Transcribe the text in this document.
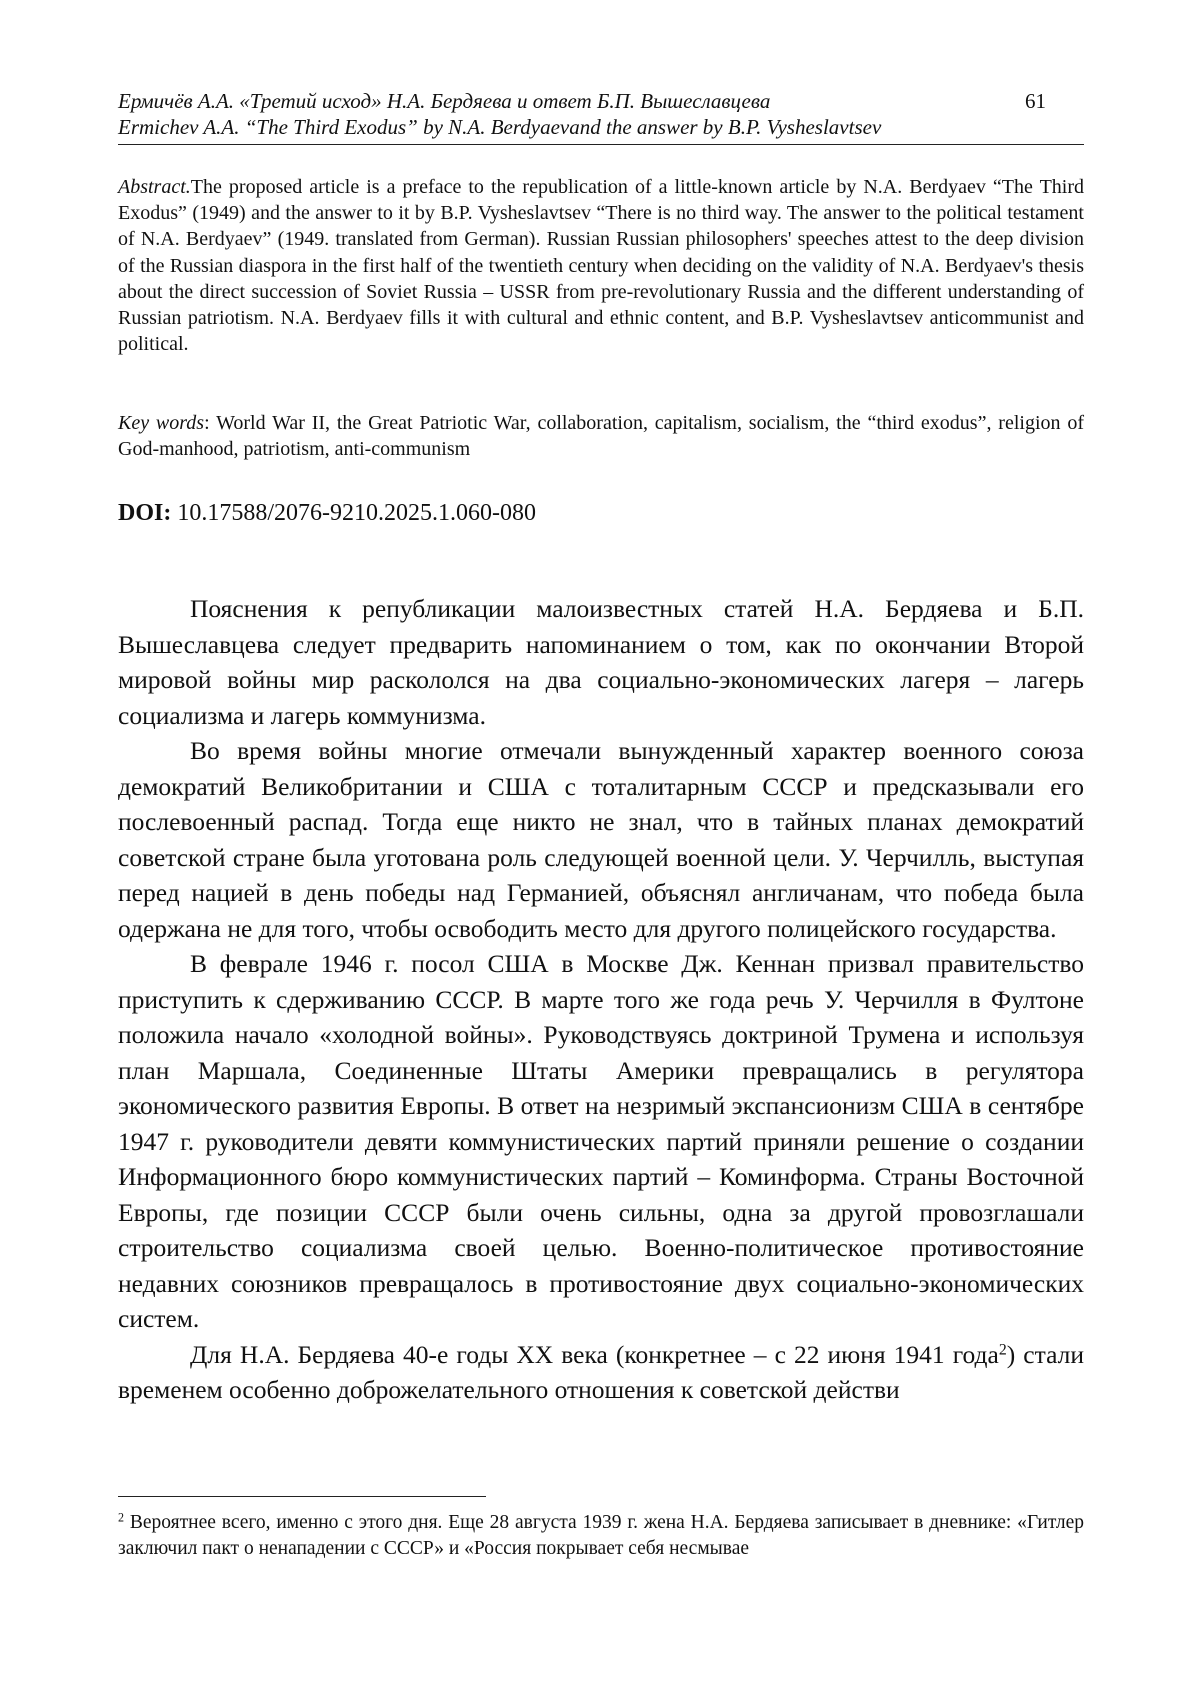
Ермичёв А.А. «Третий исход» Н.А. Бердяева и ответ Б.П. Вышеславцева
Ermichev A.A. “The Third Exodus” by N.A. Berdyaevand the answer by B.P. Vysheslavtsev
61
Abstract.The proposed article is a preface to the republication of a little-known article by N.A. Berdyaev “The Third Exodus” (1949) and the answer to it by B.P. Vysheslavtsev “There is no third way. The answer to the political testament of N.A. Berdyaev” (1949. translated from German). Russian Russian philosophers' speeches attest to the deep division of the Russian diaspora in the first half of the twentieth century when deciding on the validity of N.A. Berdyaev's thesis about the direct succession of Soviet Russia – USSR from pre-revolutionary Russia and the different understanding of Russian patriotism. N.A. Berdyaev fills it with cultural and ethnic content, and B.P. Vysheslavtsev anticommunist and political.
Key words: World War II, the Great Patriotic War, collaboration, capitalism, socialism, the “third exodus”, religion of God-manhood, patriotism, anti-communism
DOI: 10.17588/2076-9210.2025.1.060-080

Пояснения к републикации малоизвестных статей Н.А. Бердяева и Б.П. Вышеславцева следует предварить напоминанием о том, как по окончании Второй мировой войны мир раскололся на два социально-экономических лагеря – лагерь социализма и лагерь коммунизма.

Во время войны многие отмечали вынужденный характер военного союза демократий Великобритании и США с тоталитарным СССР и предсказывали его послевоенный распад. Тогда еще никто не знал, что в тайных планах демократий советской стране была уготована роль следующей военной цели. У. Черчилль, выступая перед нацией в день победы над Германией, объяснял англичанам, что победа была одержана не для того, чтобы освободить место для другого полицейского государства.

В феврале 1946 г. посол США в Москве Дж. Кеннан призвал правительство приступить к сдерживанию СССР. В марте того же года речь У. Черчилля в Фултоне положила начало «холодной войны». Руководствуясь доктриной Трумена и используя план Маршала, Соединенные Штаты Америки превращались в регулятора экономического развития Европы. В ответ на незримый экспансионизм США в сентябре 1947 г. руководители девяти коммунистических партий приняли решение о создании Информационного бюро коммунистических партий – Коминформа. Страны Восточной Европы, где позиции СССР были очень сильны, одна за другой провозглашали строительство социализма своей целью. Военно-политическое противостояние недавних союзников превращалось в противостояние двух социально-экономических систем.

Для Н.А. Бердяева 40-е годы XX века (конкретнее – с 22 июня 1941 года$^2$) стали временем особенно доброжелательного отношения к советской действи

$^2$ Вероятнее всего, именно с этого дня. Еще 28 августа 1939 г. жена Н.А. Бердяева записывает в дневнике: «Гитлер заключил пакт о ненападении с СССР» и «Россия покрывает себя несмывае
